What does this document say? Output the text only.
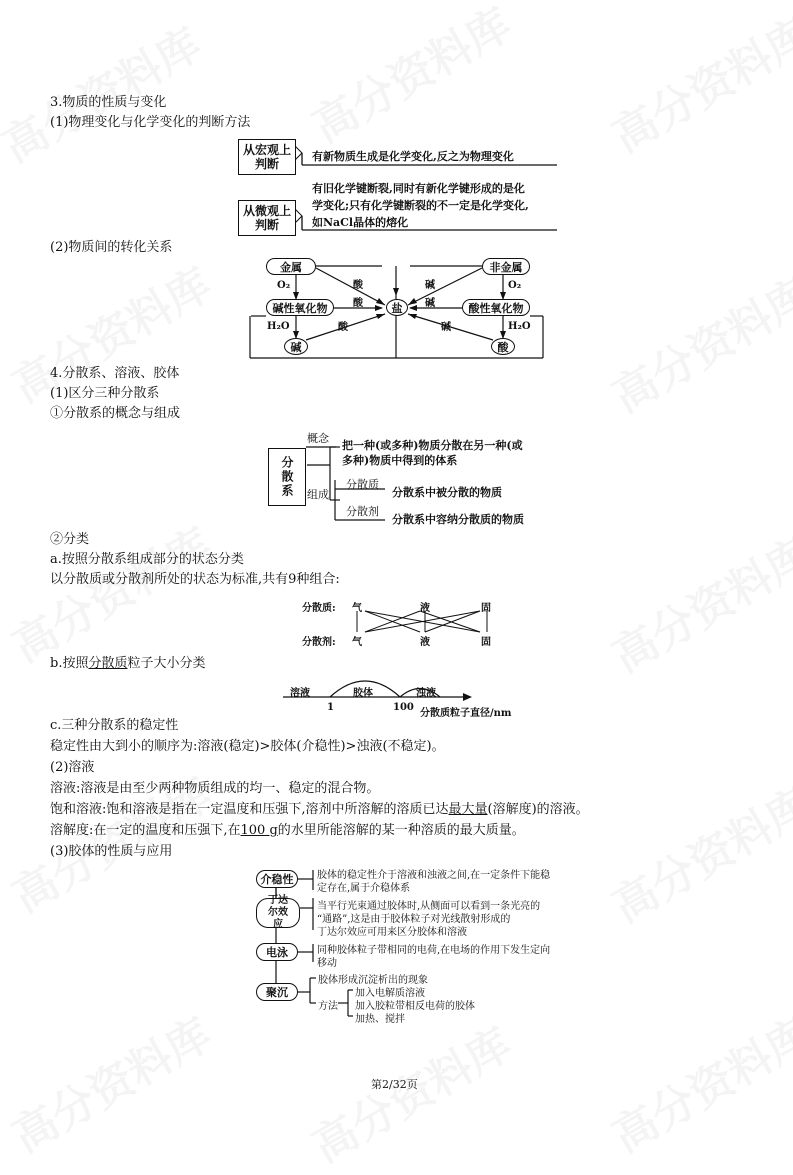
3.物质的性质与变化
(1)物理变化与化学变化的判断方法
从宏观上判断
有新物质生成是化学变化,反之为物理变化
从微观上判断
有旧化学键断裂,同时有新化学键形成的是化
学变化;只有化学键断裂的不一定是化学变化,
如NaCl晶体的熔化
(2)物质间的转化关系
金属	非金属
碱性氧化物	酸性氧化物
盐
碱	酸
O₂	O₂
H₂O	H₂O
酸	碱
酸	碱
酸	碱
4.分散系、溶液、胶体
(1)区分三种分散系
①分散系的概念与组成
分散系
概念
把一种(或多种)物质分散在另一种(或
多种)物质中得到的体系
组成
分散质
分散系中被分散的物质
分散剂
分散系中容纳分散质的物质
②分类
a.按照分散系组成部分的状态分类
以分散质或分散剂所处的状态为标准,共有9种组合:
分散质:
分散剂:
气	液	固
气	液	固
b.按照分散质粒子大小分类
溶液	胶体	浊液
1	100
分散质粒子直径/nm
c.三种分散系的稳定性
稳定性由大到小的顺序为:溶液(稳定)>胶体(介稳性)>浊液(不稳定)。
(2)溶液
溶液:溶液是由至少两种物质组成的均一、稳定的混合物。
饱和溶液:饱和溶液是指在一定温度和压强下,溶剂中所溶解的溶质已达最大量(溶解度)的溶液。
溶解度:在一定的温度和压强下,在100 g的水里所能溶解的某一种溶质的最大质量。
(3)胶体的性质与应用
介稳性
丁达尔效应
电泳
聚沉
胶体的稳定性介于溶液和浊液之间,在一定条件下能稳
定存在,属于介稳体系
当平行光束通过胶体时,从侧面可以看到一条光亮的
“通路”,这是由于胶体粒子对光线散射形成的
丁达尔效应可用来区分胶体和溶液
同种胶体粒子带相同的电荷,在电场的作用下发生定向
移动
胶体形成沉淀析出的现象
方法
加入电解质溶液
加入胶粒带相反电荷的胶体
加热、搅拌
第2/32页
